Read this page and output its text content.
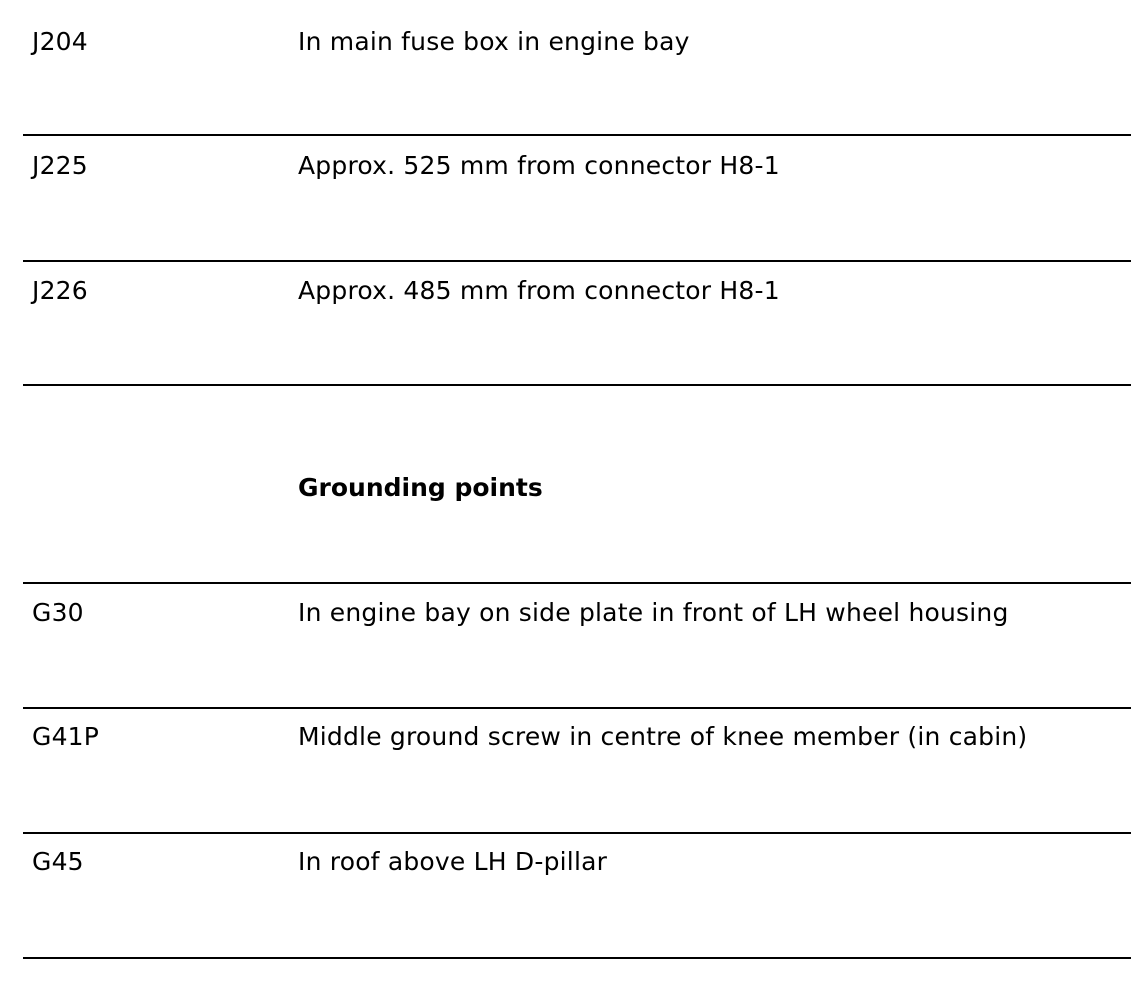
J204	In main fuse box in engine bay
J225	Approx. 525 mm from connector H8-1
J226	Approx. 485 mm from connector H8-1
Grounding points
G30	In engine bay on side plate in front of LH wheel housing
G41P	Middle ground screw in centre of knee member (in cabin)
G45	In roof above LH D-pillar
